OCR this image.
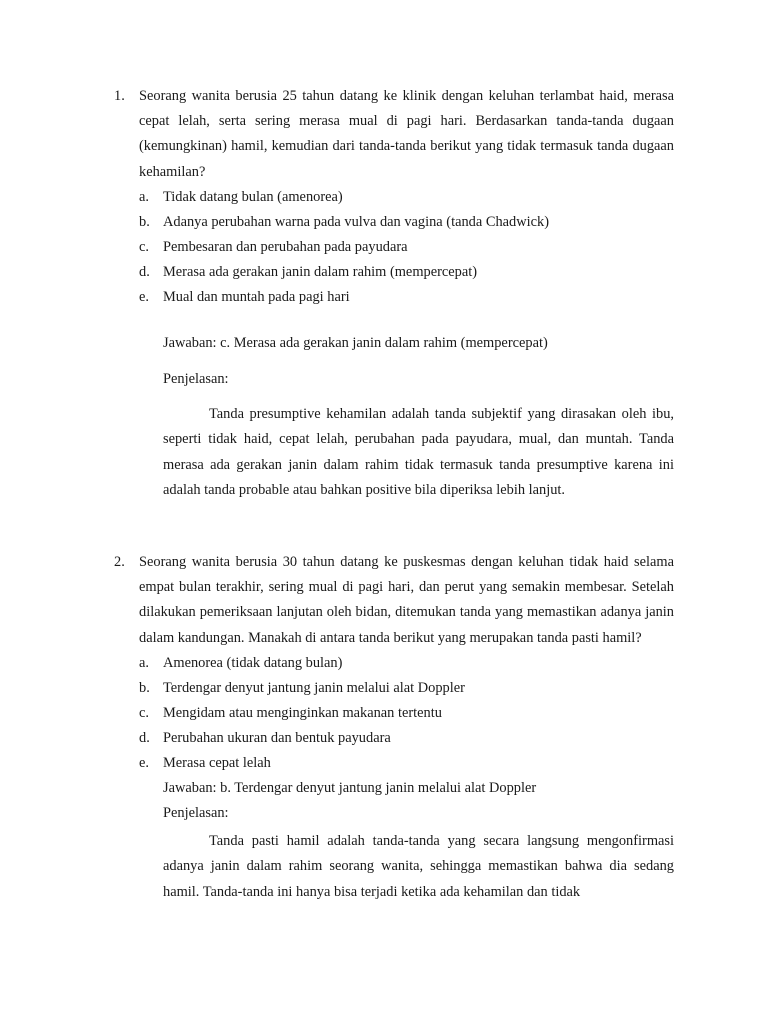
1. Seorang wanita berusia 25 tahun datang ke klinik dengan keluhan terlambat haid, merasa cepat lelah, serta sering merasa mual di pagi hari. Berdasarkan tanda-tanda dugaan (kemungkinan) hamil, kemudian dari tanda-tanda berikut yang tidak termasuk tanda dugaan kehamilan?
a. Tidak datang bulan (amenorea)
b. Adanya perubahan warna pada vulva dan vagina (tanda Chadwick)
c. Pembesaran dan perubahan pada payudara
d. Merasa ada gerakan janin dalam rahim (mempercepat)
e. Mual dan muntah pada pagi hari
Jawaban: c. Merasa ada gerakan janin dalam rahim (mempercepat)
Penjelasan:
Tanda presumptive kehamilan adalah tanda subjektif yang dirasakan oleh ibu, seperti tidak haid, cepat lelah, perubahan pada payudara, mual, dan muntah. Tanda merasa ada gerakan janin dalam rahim tidak termasuk tanda presumptive karena ini adalah tanda probable atau bahkan positive bila diperiksa lebih lanjut.
2. Seorang wanita berusia 30 tahun datang ke puskesmas dengan keluhan tidak haid selama empat bulan terakhir, sering mual di pagi hari, dan perut yang semakin membesar. Setelah dilakukan pemeriksaan lanjutan oleh bidan, ditemukan tanda yang memastikan adanya janin dalam kandungan. Manakah di antara tanda berikut yang merupakan tanda pasti hamil?
a. Amenorea (tidak datang bulan)
b. Terdengar denyut jantung janin melalui alat Doppler
c. Mengidam atau menginginkan makanan tertentu
d. Perubahan ukuran dan bentuk payudara
e. Merasa cepat lelah
Jawaban: b. Terdengar denyut jantung janin melalui alat Doppler
Penjelasan:
Tanda pasti hamil adalah tanda-tanda yang secara langsung mengonfirmasi adanya janin dalam rahim seorang wanita, sehingga memastikan bahwa dia sedang hamil. Tanda-tanda ini hanya bisa terjadi ketika ada kehamilan dan tidak
